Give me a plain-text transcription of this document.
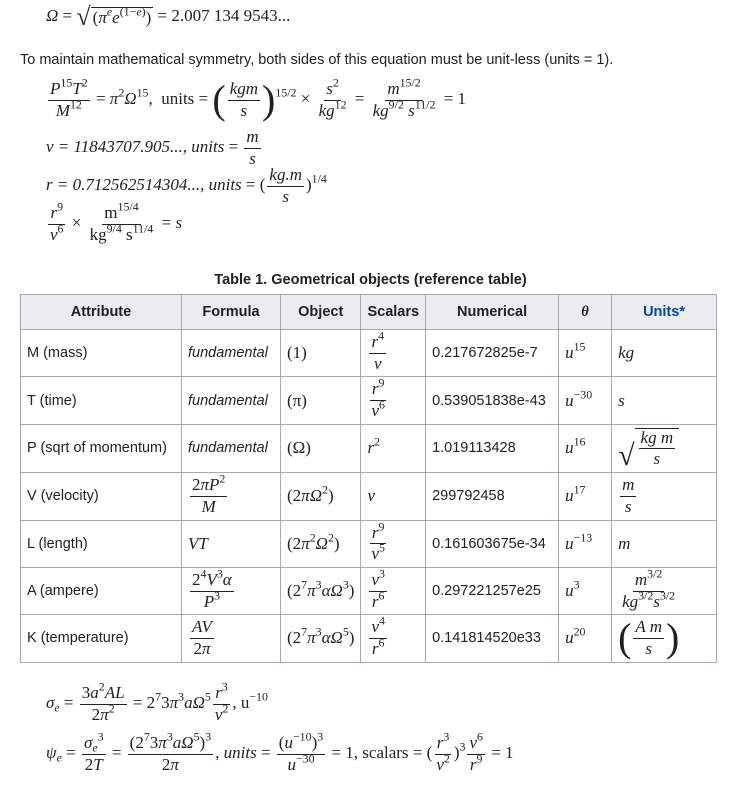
Ω = √ $(\pi^ee^{(1-e)}) = 2.007$ 134 9543...
To maintain mathematical symmetry, both sides of this equation must be unit-less (units = 1).
$\frac{P^{15}T^2}{M^{12}} = \pi^2\Omega^{15}$,  units = ( $\frac{\text{kgm}}{s} )^{15/2} \times \frac{s^2}{kg^{12}} = \frac{m^{15/2}}{kg^{9/2} s^{11/2}} = 1$
v = 11843707.905..., units = $\frac{m}{s}$
r = 0.712562514304..., units = ( $\frac{kg.m}{s} )^{1/4}$
$\frac{r^9}{v^6} \times \frac{m^{15/4}}{kg^{9/4} s^{11/4}} = s$
Table 1. Geometrical objects (reference table)
Attribute	Formula	Object	Scalars	Numerical	θ	Units*
M (mass)	fundamental	(1)	$\frac{r^4}{v}$	0.217672825e-7	$u^{15}$	kg
T (time)	fundamental	(π)	$\frac{r^9}{v^6}$	0.539051838e-43	$u^{-30}$	s
P (sqrt of momentum)	fundamental	(Ω)	$r^2$	1.019113428	$u^{16}$	√ $\frac{\text{kg m}}{s}$

V (velocity)	$\frac{2\pi P^2}{M}$	$(2\pi\Omega^2)$	v	299792458	$u^{17}$	$\frac{m}{s}$

L (length)	VT	$(2\pi^2\Omega^2)$	$\frac{r^9}{v^5}$	0.161603675e-34	$u^{-13}$	m
A (ampere)	$\frac{2^4V^3\alpha}{P^3}$	$(2^7\pi^3\alpha\Omega^3)$	$\frac{v^3}{r^6}$	0.297221257e25	$u^3$	$\frac{m^{3/2}}{kg^{3/2}s^{3/2}}$

K (temperature)	$\frac{AV}{2\pi}$	$(2^7\pi^3\alpha\Omega^5)$	$\frac{v^4}{r^6}$	0.141814520e33	$u^{20}$	( $\frac{\text{A m}}{s}$ )
$\sigma_e = \frac{3a^2AL}{2\pi^2} = 2^73\pi^3a\Omega^5 \frac{r^3}{v^2}$ , $u^{-10}$
$\psi_e = \frac{\sigma_e^3}{2T} = \frac{(2^73\pi^3a\Omega^5)^3}{2\pi}$ , units = $\frac{(u^{-10})^3}{u^{-30}} = 1$, scalars = ( $\frac{r^3}{v^2} )^3 \frac{v^6}{r^9} = 1$
